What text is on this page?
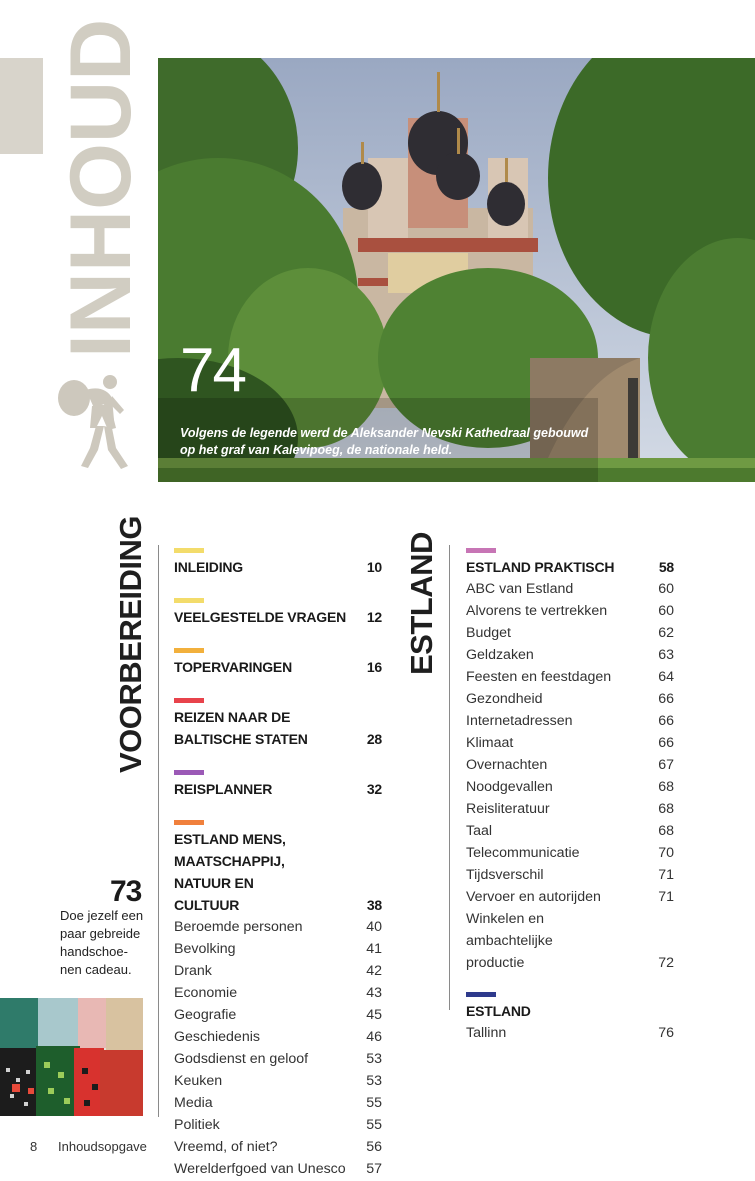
INHOUD
74
Volgens de legende werd de Aleksander Nevski Kathedraal gebouwd op het graf van Kalevipoeg, de nationale held.
VOORBEREIDING INLEIDING	10
VEELGESTELDE VRAGEN	12
TOPERVARINGEN	16
REIZEN NAAR DE BALTISCHE STATEN	28
REISPLANNER	32
ESTLAND MENS, MAATSCHAPPIJ, NATUUR EN CULTUUR	38
Beroemde personen	40
Bevolking	41
Drank	42
Economie	43
Geografie	45
Geschiedenis	46
Godsdienst en geloof	53
Keuken	53
Media	55
Politiek	55
Vreemd, of niet?	56
Werelderfgoed van Unesco	57
ESTLAND ESTLAND PRAKTISCH	58
ABC van Estland	60
Alvorens te vertrekken	60
Budget	62
Geldzaken	63
Feesten en feestdagen	64
Gezondheid	66
Internetadressen	66
Klimaat	66
Overnachten	67
Noodgevallen	68
Reisliteratuur	68
Taal	68
Telecommunicatie	70
Tijdsverschil	71
Vervoer en autorijden	71
Winkelen en ambachtelijke productie	72
ESTLAND
Tallinn	76
73
Doe jezelf een paar gebreide handschoe-nen cadeau.
8 Inhoudsopgave
